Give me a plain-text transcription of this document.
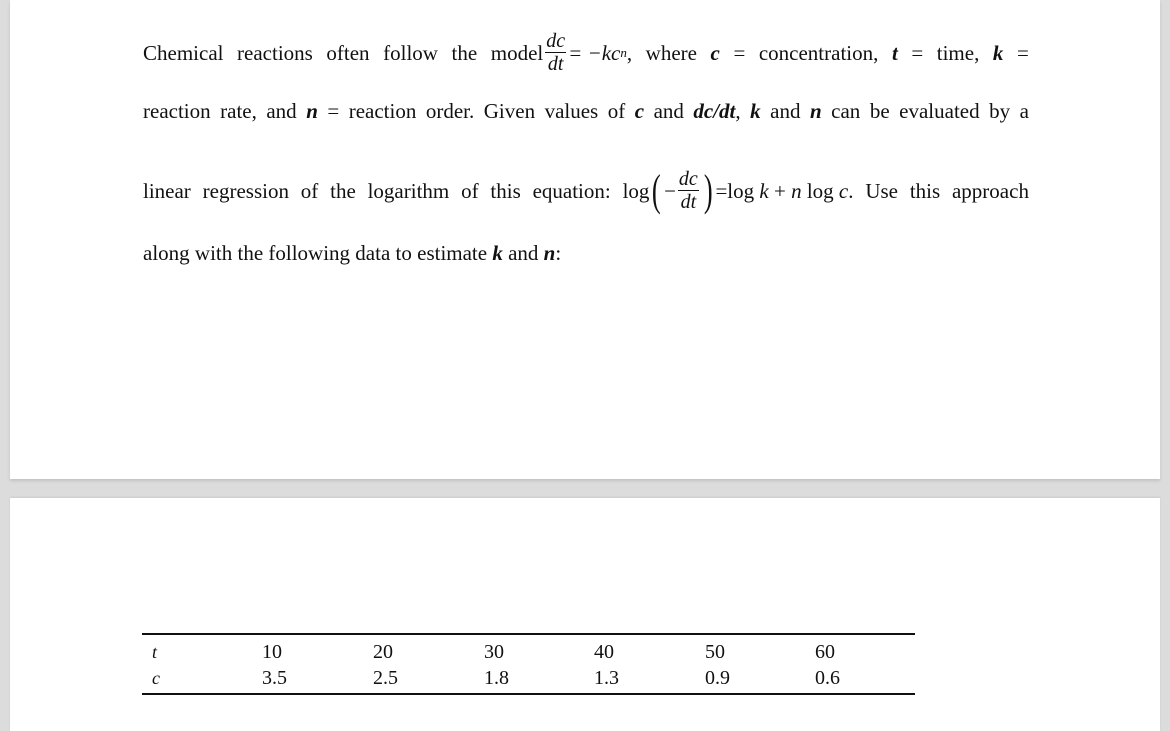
Chemical reactions often follow the model $\frac{dc}{dt} = -kc$ n , where c = concentration, t = time, k =
reaction rate, and n = reaction order. Given values of c and dc/dt, k and n can be evaluated by a
linear regression of the logarithm of this equation: log ( − $\frac{dc}{dt}$ ) = log
k
+
n
log
c . Use this approach
along with the following data to estimate k and n:
t	10	20	30	40	50	60
c	3.5	2.5	1.8	1.3	0.9	0.6
